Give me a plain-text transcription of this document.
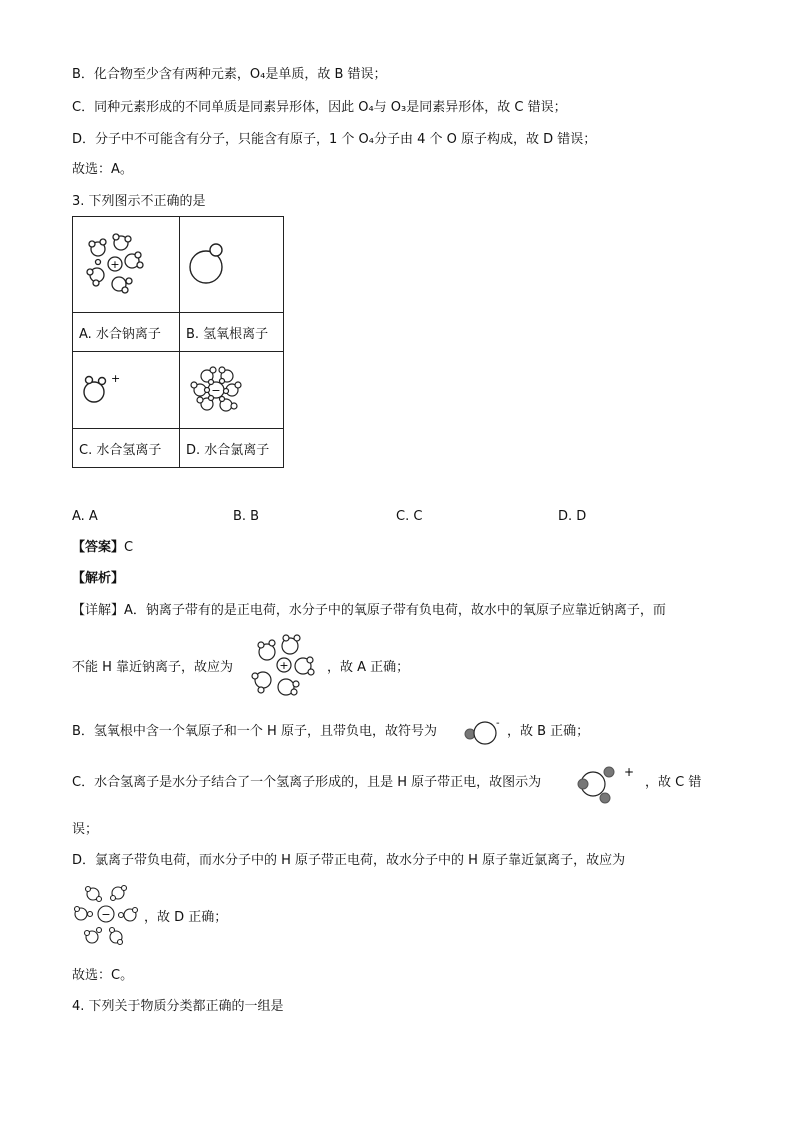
B．化合物至少含有两种元素，O₄是单质，故 B 错误；
C．同种元素形成的不同单质是同素异形体，因此 O₄与 O₃是同素异形体，故 C 错误；
D．分子中不可能含有分子，只能含有原子，1 个 O₄分子由 4 个 O 原子构成，故 D 错误；
故选：A。
3. 下列图示不正确的是
+

A. 水合钠离子	B. 氢氧根离子

+	−

C. 水合氢离子	D. 水合氯离子
A. A	B. B	C. C	D. D
【答案】C
【解析】
【详解】A．钠离子带有的是正电荷，水分子中的氧原子带有负电荷，故水中的氧原子应靠近钠离子，而
不能 H 靠近钠离子，故应为	+	，故 A 正确；
B．氢氧根中含一个氧原子和一个 H 原子，且带负电，故符号为
-
，故 B 正确；
C．水合氢离子是水分子结合了一个氢离子形成的，且是 H 原子带正电，故图示为
+
，故 C 错
误；
D．氯离子带负电荷，而水分子中的 H 原子带正电荷，故水分子中的 H 原子靠近氯离子，故应为
−	，故 D 正确；
故选：C。
4. 下列关于物质分类都正确的一组是
